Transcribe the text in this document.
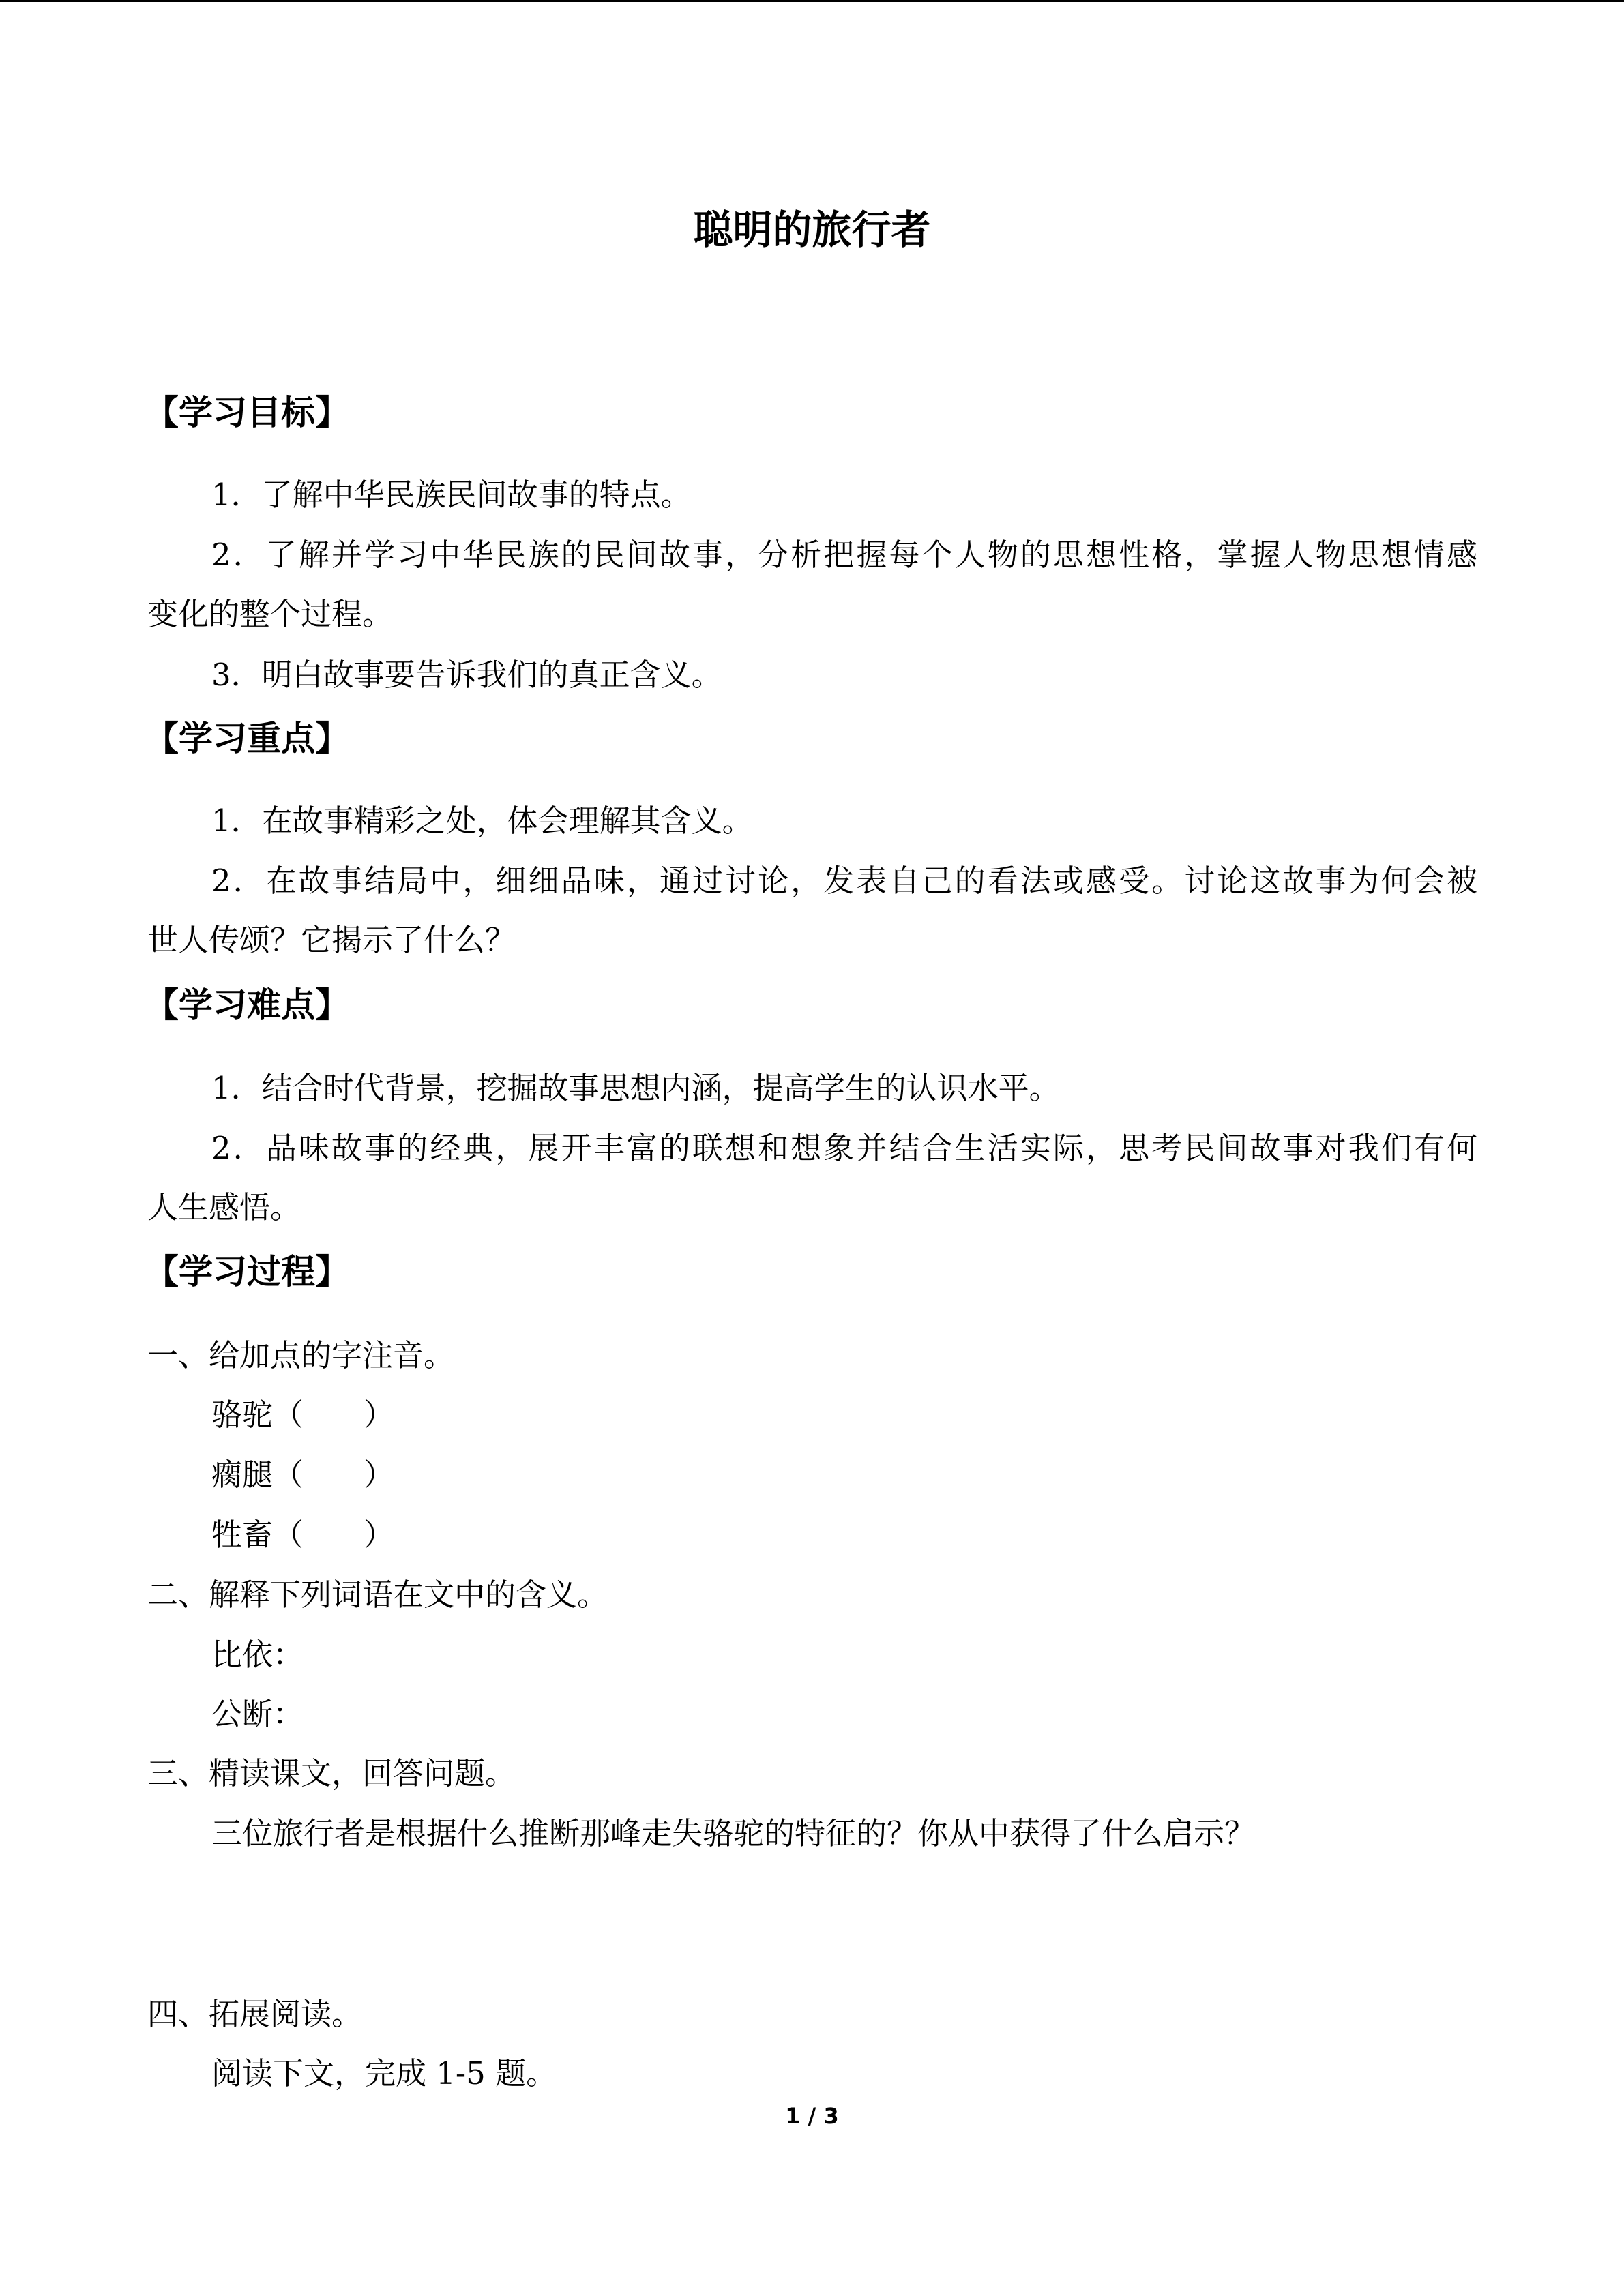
聪明的旅行者
【学习目标】
1．了解中华民族民间故事的特点。
2．了解并学习中华民族的民间故事，分析把握每个人物的思想性格，掌握人物思想情感
变化的整个过程。
3．明白故事要告诉我们的真正含义。
【学习重点】
1．在故事精彩之处，体会理解其含义。
2．在故事结局中，细细品味，通过讨论，发表自己的看法或感受。讨论这故事为何会被
世人传颂？它揭示了什么？
【学习难点】
1．结合时代背景，挖掘故事思想内涵，提高学生的认识水平。
2．品味故事的经典，展开丰富的联想和想象并结合生活实际，思考民间故事对我们有何
人生感悟。
【学习过程】
一、给加点的字注音。
骆驼（ ）
瘸腿（ ）
牲畜（ ）
二、解释下列词语在文中的含义。
比依：
公断：
三、精读课文，回答问题。
三位旅行者是根据什么推断那峰走失骆驼的特征的？你从中获得了什么启示？
四、拓展阅读。
阅读下文，完成 1-5 题。
1 / 3
